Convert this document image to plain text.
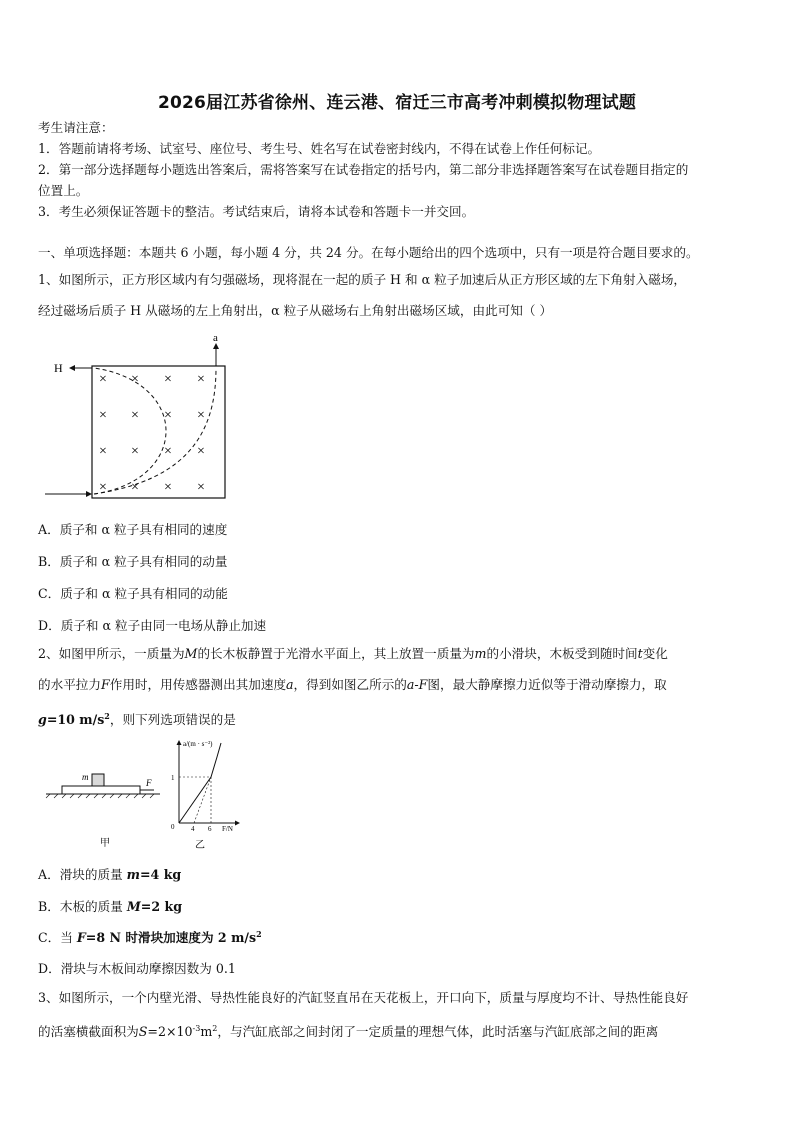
2026届江苏省徐州、连云港、宿迁三市高考冲刺模拟物理试题
考生请注意：
1．答题前请将考场、试室号、座位号、考生号、姓名写在试卷密封线内，不得在试卷上作任何标记。
2．第一部分选择题每小题选出答案后，需将答案写在试卷指定的括号内，第二部分非选择题答案写在试卷题目指定的
位置上。
3．考生必须保证答题卡的整洁。考试结束后，请将本试卷和答题卡一并交回。
一、单项选择题：本题共 6 小题，每小题 4 分，共 24 分。在每小题给出的四个选项中，只有一项是符合题目要求的。
1、如图所示，正方形区域内有匀强磁场，现将混在一起的质子 H 和 α 粒子加速后从正方形区域的左下角射入磁场，
经过磁场后质子 H 从磁场的左上角射出，α 粒子从磁场右上角射出磁场区域，由此可知（ ）
H
a
× × × ×
× × × ×
× × × ×
× × × ×
A．质子和 α 粒子具有相同的速度
B．质子和 α 粒子具有相同的动量
C．质子和 α 粒子具有相同的动能
D．质子和 α 粒子由同一电场从静止加速
2、如图甲所示，一质量为M的长木板静置于光滑水平面上，其上放置一质量为m的小滑块，木板受到随时间t变化
的水平拉力F作用时，用传感器测出其加速度a，得到如图乙所示的a-F图，最大静摩擦力近似等于滑动摩擦力，取
g=10 $m/s^2$，则下列选项错误的是
m
F
甲
a/(m · s⁻²)
F/N
1
0 4 6
乙
A．滑块的质量 m=4 kg
B．木板的质量 M=2 kg
C．当 F=8 N 时滑块加速度为 2 $m/s^2$
D．滑块与木板间动摩擦因数为 0.1
3、如图所示，一个内壁光滑、导热性能良好的汽缸竖直吊在天花板上，开口向下，质量与厚度均不计、导热性能良好
的活塞横截面积为$S=2\times 10^{-3}m^2$，与汽缸底部之间封闭了一定质量的理想气体，此时活塞与汽缸底部之间的距离
